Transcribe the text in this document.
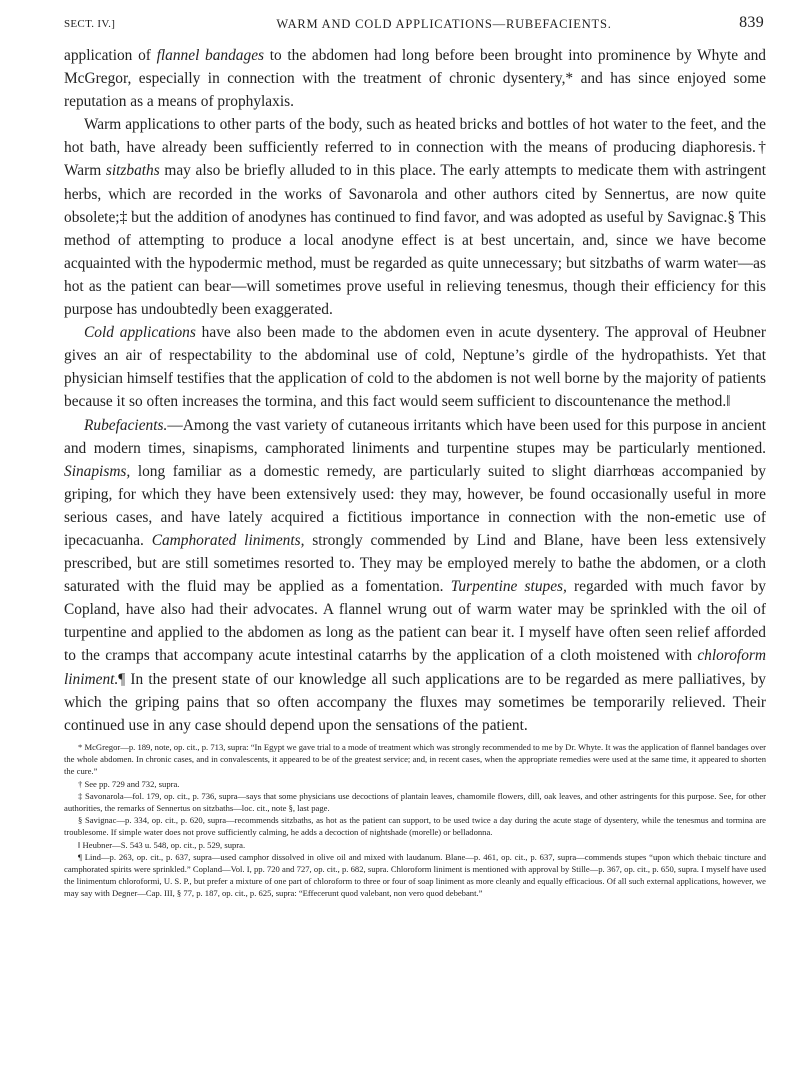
SECT. IV.]	WARM AND COLD APPLICATIONS—RUBEFACIENTS.	839

application of flannel bandages to the abdomen had long before been brought into prominence by Whyte and McGregor, especially in connection with the treatment of chronic dysentery,* and has since enjoyed some reputation as a means of prophylaxis.

Warm applications to other parts of the body, such as heated bricks and bottles of hot water to the feet, and the hot bath, have already been sufficiently referred to in connection with the means of producing diaphoresis.† Warm sitzbaths may also be briefly alluded to in this place. The early attempts to medicate them with astringent herbs, which are recorded in the works of Savonarola and other authors cited by Sennertus, are now quite obsolete;‡ but the addition of anodynes has continued to find favor, and was adopted as useful by Savignac.§ This method of attempting to produce a local anodyne effect is at best uncertain, and, since we have become acquainted with the hypodermic method, must be regarded as quite unnecessary; but sitzbaths of warm water—as hot as the patient can bear—will sometimes prove useful in relieving tenesmus, though their efficiency for this purpose has undoubtedly been exaggerated.

Cold applications have also been made to the abdomen even in acute dysentery. The approval of Heubner gives an air of respectability to the abdominal use of cold, Neptune’s girdle of the hydropathists. Yet that physician himself testifies that the application of cold to the abdomen is not well borne by the majority of patients because it so often increases the tormina, and this fact would seem sufficient to discountenance the method.‖

Rubefacients.—Among the vast variety of cutaneous irritants which have been used for this purpose in ancient and modern times, sinapisms, camphorated liniments and turpentine stupes may be particularly mentioned. Sinapisms, long familiar as a domestic remedy, are particularly suited to slight diarrhœas accompanied by griping, for which they have been extensively used: they may, however, be found occasionally useful in more serious cases, and have lately acquired a fictitious importance in connection with the non-emetic use of ipecacuanha. Camphorated liniments, strongly commended by Lind and Blane, have been less extensively prescribed, but are still sometimes resorted to. They may be employed merely to bathe the abdomen, or a cloth saturated with the fluid may be applied as a fomentation. Turpentine stupes, regarded with much favor by Copland, have also had their advocates. A flannel wrung out of warm water may be sprinkled with the oil of turpentine and applied to the abdomen as long as the patient can bear it. I myself have often seen relief afforded to the cramps that accompany acute intestinal catarrhs by the application of a cloth moistened with chloroform liniment.¶ In the present state of our knowledge all such applications are to be regarded as mere palliatives, by which the griping pains that so often accompany the fluxes may sometimes be temporarily relieved. Their continued use in any case should depend upon the sensations of the patient.

* McGregor—p. 189, note, op. cit., p. 713, supra: “In Egypt we gave trial to a mode of treatment which was strongly recommended to me by Dr. Whyte. It was the application of flannel bandages over the whole abdomen. In chronic cases, and in convalescents, it appeared to be of the greatest service; and, in recent cases, when the appropriate remedies were used at the same time, it appeared to shorten the cure.”

† See pp. 729 and 732, supra.

‡ Savonarola—fol. 179, op. cit., p. 736, supra—says that some physicians use decoctions of plantain leaves, chamomile flowers, dill, oak leaves, and other astringents for this purpose. See, for other authorities, the remarks of Sennertus on sitzbaths—loc. cit., note §, last page.

§ Savignac—p. 334, op. cit., p. 620, supra—recommends sitzbaths, as hot as the patient can support, to be used twice a day during the acute stage of dysentery, while the tenesmus and tormina are troublesome. If simple water does not prove sufficiently calming, he adds a decoction of nightshade (morelle) or belladonna.

‖ Heubner—S. 543 u. 548, op. cit., p. 529, supra.

¶ Lind—p. 263, op. cit., p. 637, supra—used camphor dissolved in olive oil and mixed with laudanum. Blane—p. 461, op. cit., p. 637, supra—commends stupes “upon which thebaic tincture and camphorated spirits were sprinkled.” Copland—Vol. I, pp. 720 and 727, op. cit., p. 682, supra. Chloroform liniment is mentioned with approval by Stille—p. 367, op. cit., p. 650, supra. I myself have used the linimentum chloroformi, U. S. P., but prefer a mixture of one part of chloroform to three or four of soap liniment as more cleanly and equally efficacious. Of all such external applications, however, we may say with Degner—Cap. III, § 77, p. 187, op. cit., p. 625, supra: “Effecerunt quod valebant, non vero quod debebant.”
